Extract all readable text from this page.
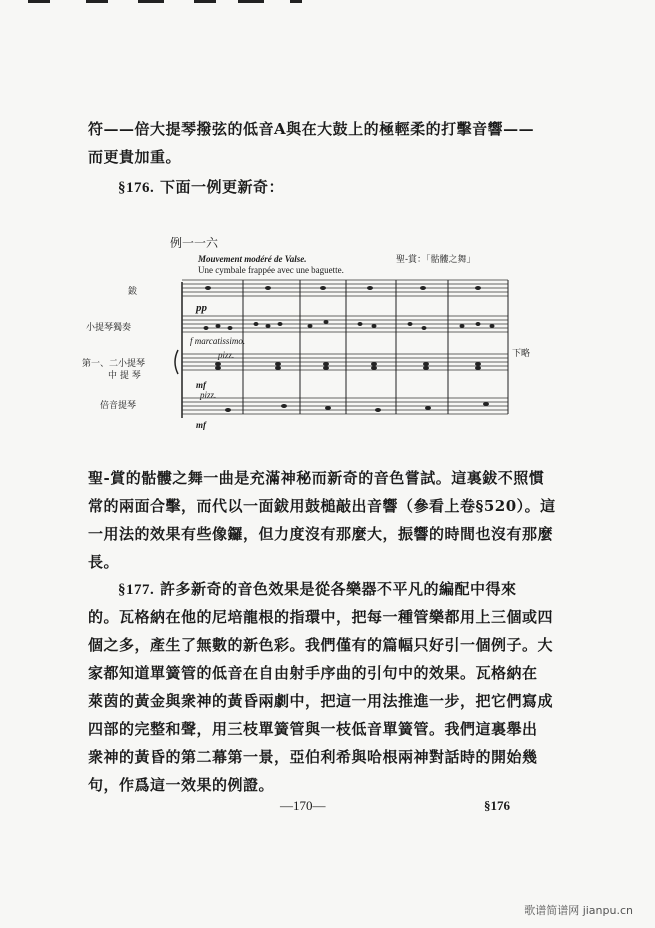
符——倍大提琴撥弦的低音A與在大鼓上的極輕柔的打擊音響——
而更貴加重。
§176. 下面一例更新奇：
例一一六
聖-賞：「骷髏之舞」
Mouvement modéré de Valse.
Une cymbale frappée avec une baguette.
鈸
小提琴獨奏
第一、二小提琴
中 提 琴
倍音提琴
pp
f marcatissimo.
pizz.
mf
pizz.
mf
下略
聖-賞的骷髏之舞一曲是充滿神秘而新奇的音色嘗試。這裏鈸不照慣
常的兩面合擊，而代以一面鈸用鼓槌敲出音響（參看上卷§520）。這
一用法的效果有些像鑼，但力度沒有那麼大，振響的時間也沒有那麼
長。
§177. 許多新奇的音色效果是從各樂器不平凡的編配中得來
的。瓦格納在他的尼培龍根的指環中，把每一種管樂都用上三個或四
個之多，產生了無數的新色彩。我們僅有的篇幅只好引一個例子。大
家都知道單簧管的低音在自由射手序曲的引句中的效果。瓦格納在
萊茵的黃金與衆神的黃昏兩劇中，把這一用法推進一步，把它們寫成
四部的完整和聲，用三枝單簧管與一枝低音單簧管。我們這裏舉出
衆神的黃昏的第二幕第一景，亞伯利希與哈根兩神對話時的開始幾
句，作爲這一效果的例證。
—170—	§176
歌谱简谱网 jianpu.cn
